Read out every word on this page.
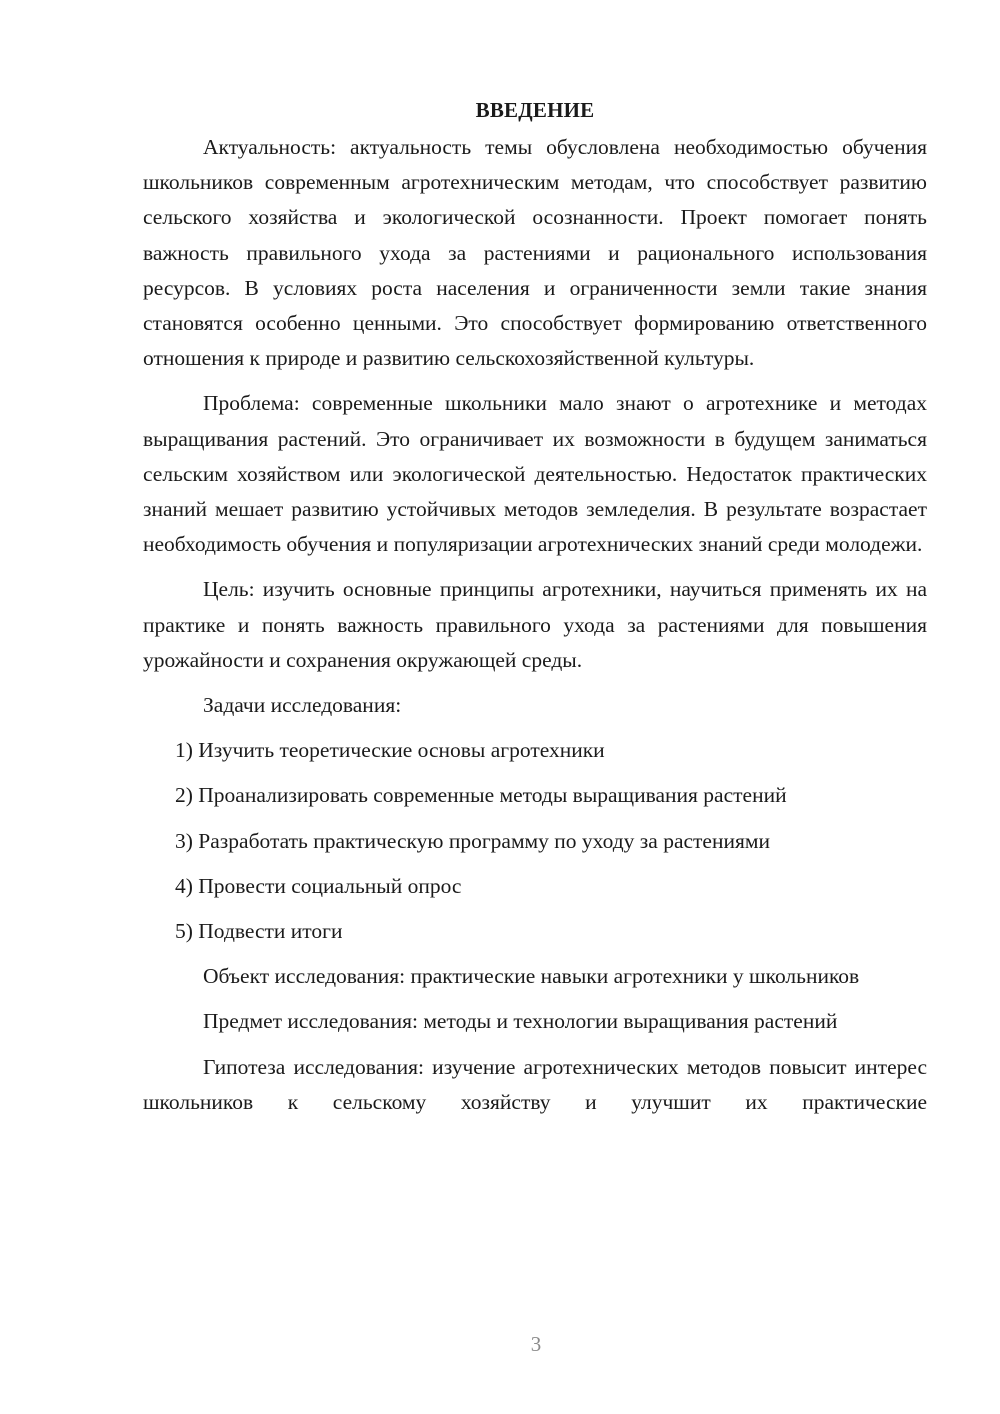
ВВЕДЕНИЕ

Актуальность: актуальность темы обусловлена необходимостью обучения школьников современным агротехническим методам, что способствует развитию сельского хозяйства и экологической осознанности. Проект помогает понять важность правильного ухода за растениями и рационального использования ресурсов. В условиях роста населения и ограниченности земли такие знания становятся особенно ценными. Это способствует формированию ответственного отношения к природе и развитию сельскохозяйственной культуры.

Проблема: современные школьники мало знают о агротехнике и методах выращивания растений. Это ограничивает их возможности в будущем заниматься сельским хозяйством или экологической деятельностью. Недостаток практических знаний мешает развитию устойчивых методов земледелия. В результате возрастает необходимость обучения и популяризации агротехнических знаний среди молодежи.

Цель: изучить основные принципы агротехники, научиться применять их на практике и понять важность правильного ухода за растениями для повышения урожайности и сохранения окружающей среды.

Задачи исследования:

1) Изучить теоретические основы агротехники

2) Проанализировать современные методы выращивания растений

3) Разработать практическую программу по уходу за растениями

4) Провести социальный опрос

5) Подвести итоги

Объект исследования: практические навыки агротехники у школьников

Предмет исследования: методы и технологии выращивания растений

Гипотеза исследования: изучение агротехнических методов повысит интерес школьников к сельскому хозяйству и улучшит их практические

3
